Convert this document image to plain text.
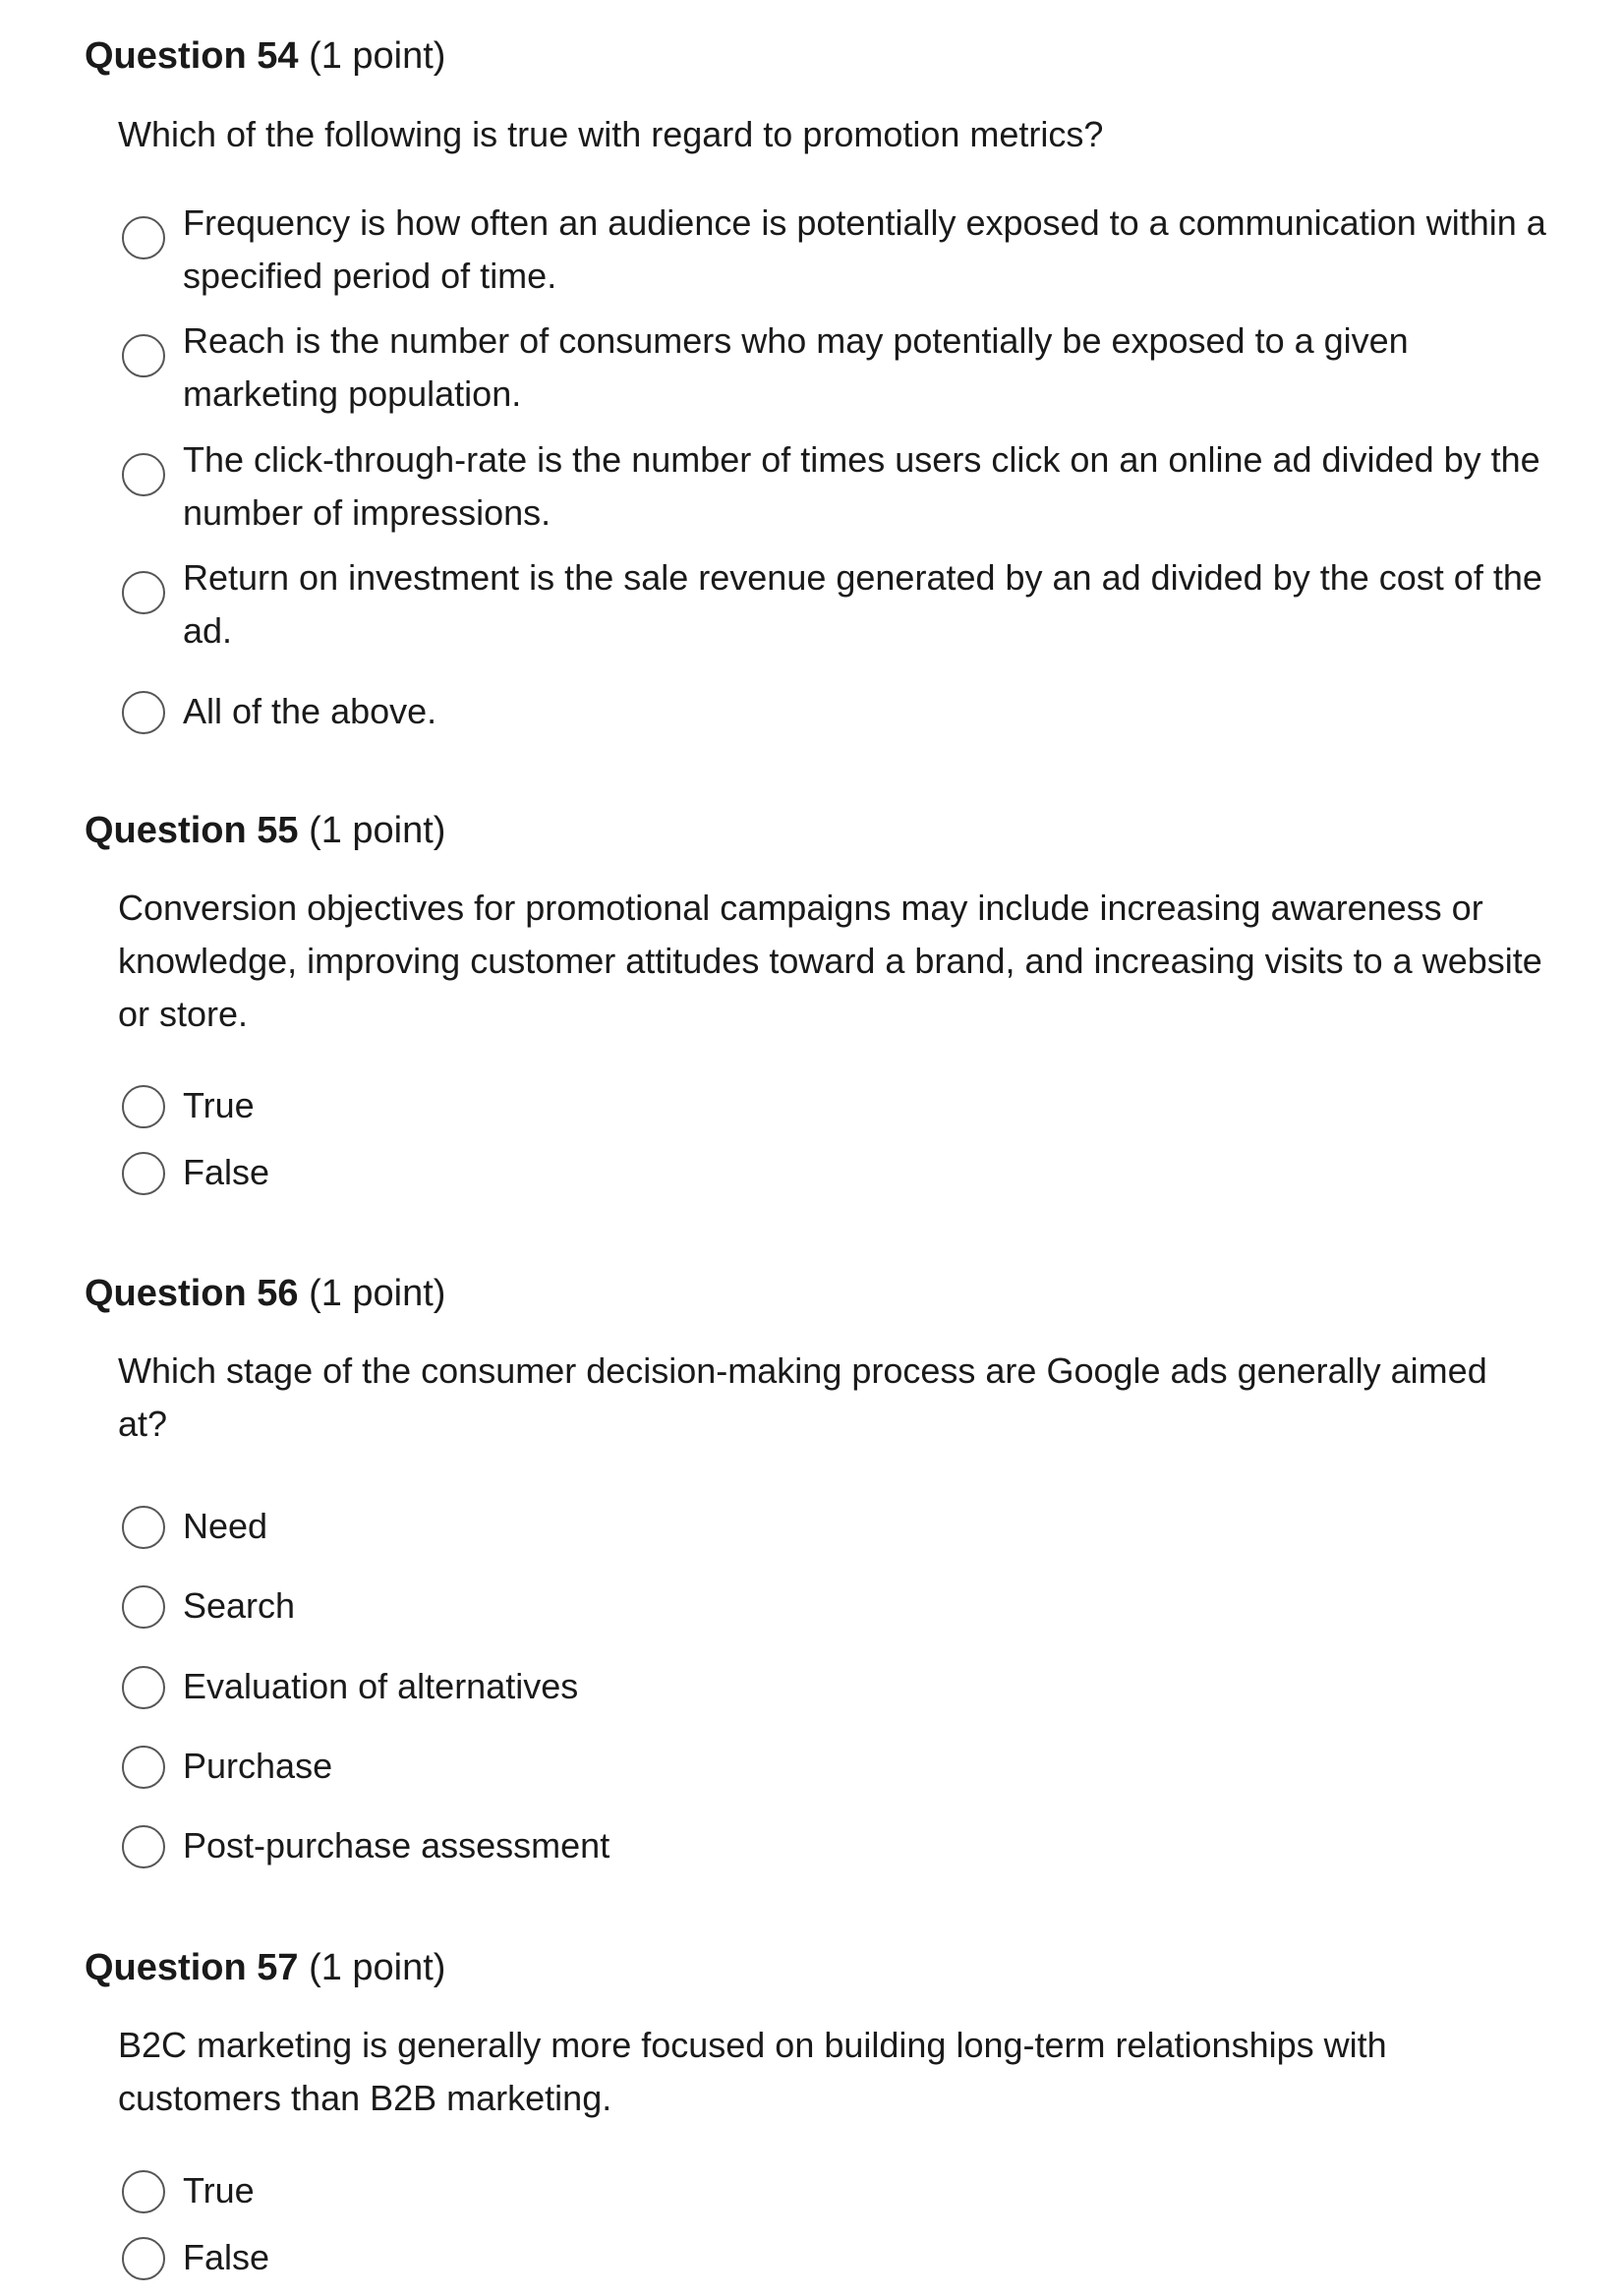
Question 54 (1 point)
Which of the following is true with regard to promotion metrics?
Frequency is how often an audience is potentially exposed to a communication within a specified period of time.
Reach is the number of consumers who may potentially be exposed to a given marketing population.
The click-through-rate is the number of times users click on an online ad divided by the number of impressions.
Return on investment is the sale revenue generated by an ad divided by the cost of the ad.
All of the above.
Question 55 (1 point)
Conversion objectives for promotional campaigns may include increasing awareness or knowledge, improving customer attitudes toward a brand, and increasing visits to a website or store.
True
False
Question 56 (1 point)
Which stage of the consumer decision-making process are Google ads generally aimed at?
Need
Search
Evaluation of alternatives
Purchase
Post-purchase assessment
Question 57 (1 point)
B2C marketing is generally more focused on building long-term relationships with customers than B2B marketing.
True
False
